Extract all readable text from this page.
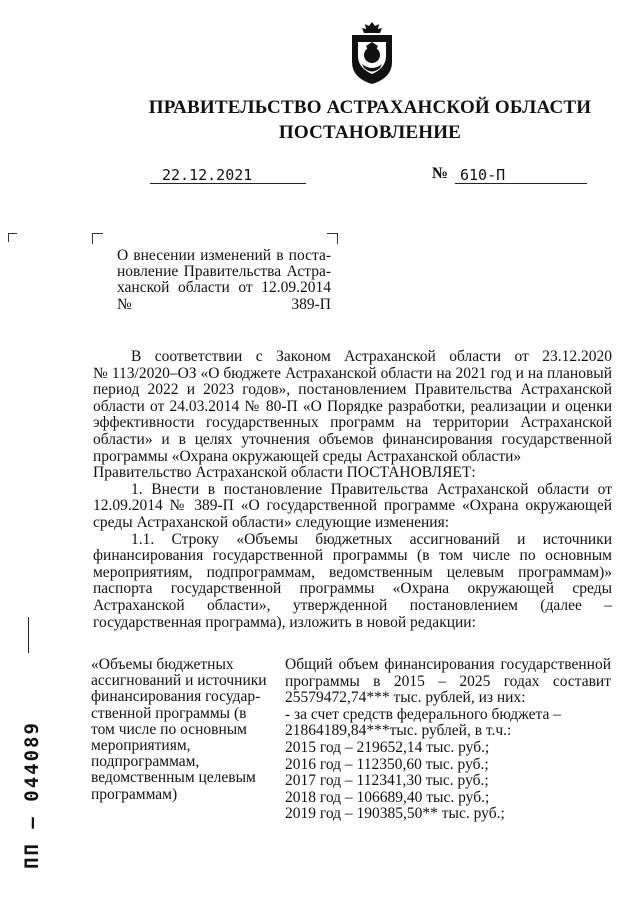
ПРАВИТЕЛЬСТВО АСТРАХАНСКОЙ ОБЛАСТИ
ПОСТАНОВЛЕНИЕ
22.12.2021	№ 610-П
О внесении изменений в поста-
новление Правительства Астра-
ханской области от 12.09.2014
№ 389-П
В соответствии с Законом Астраханской области от 23.12.2020
№ 113/2020–ОЗ «О бюджете Астраханской области на 2021 год и на плановый
период 2022 и 2023 годов», постановлением Правительства Астраханской
области от 24.03.2014 № 80-П «О Порядке разработки, реализации и оценки
эффективности государственных программ на территории Астраханской
области» и в целях уточнения объемов финансирования государственной
программы «Охрана окружающей среды Астраханской области»
Правительство Астраханской области ПОСТАНОВЛЯЕТ:
1. Внести в постановление Правительства Астраханской области от
12.09.2014 № 389-П «О государственной программе «Охрана окружающей
среды Астраханской области» следующие изменения:
1.1. Строку «Объемы бюджетных ассигнований и источники
финансирования государственной программы (в том числе по основным
мероприятиям, подпрограммам, ведомственным целевым программам)»
паспорта государственной программы «Охрана окружающей среды
Астраханской области», утвержденной постановлением (далее –
государственная программа), изложить в новой редакции:
«Объемы бюджетных
ассигнований и источники
финансирования государ-
ственной программы (в
том числе по основным
мероприятиям,
подпрограммам,
ведомственным целевым
программам)
Общий объем финансирования государственной
программы в 2015 – 2025 годах составит
25579472,74*** тыс. рублей, из них:
- за счет средств федерального бюджета –
21864189,84***тыс. рублей, в т.ч.:
2015 год – 219652,14 тыс. руб.;
2016 год – 112350,60 тыс. руб.;
2017 год – 112341,30 тыс. руб.;
2018 год – 106689,40 тыс. руб.;
2019 год – 190385,50** тыс. руб.;
ПП – 044089
